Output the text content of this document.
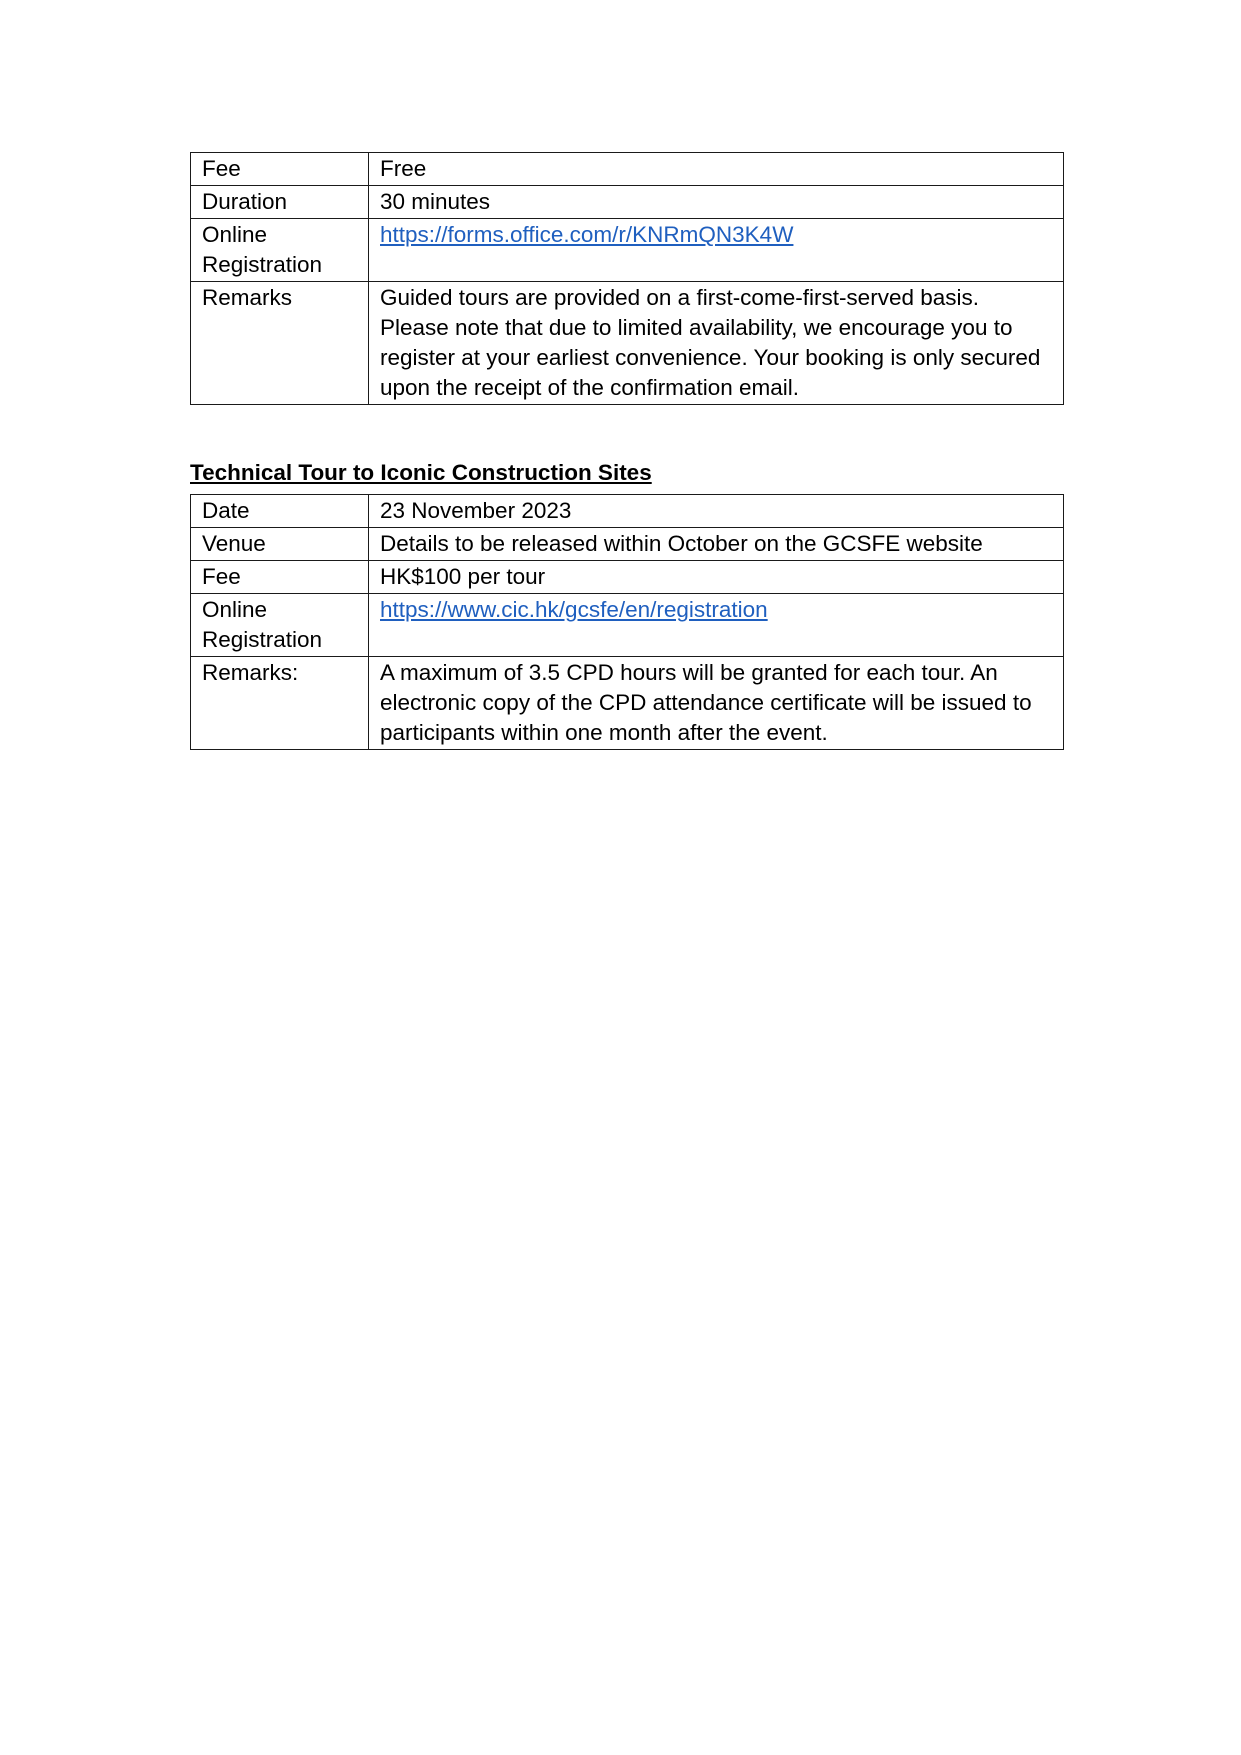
Fee	Free
Duration	30 minutes
Online Registration	https://forms.office.com/r/KNRmQN3K4W
Remarks	Guided tours are provided on a first-come-first-served basis. Please note that due to limited availability, we encourage you to register at your earliest convenience. Your booking is only secured upon the receipt of the confirmation email.
Technical Tour to Iconic Construction Sites
Date	23 November 2023
Venue	Details to be released within October on the GCSFE website
Fee	HK$100 per tour
Online Registration	https://www.cic.hk/gcsfe/en/registration
Remarks:	A maximum of 3.5 CPD hours will be granted for each tour. An electronic copy of the CPD attendance certificate will be issued to participants within one month after the event.
